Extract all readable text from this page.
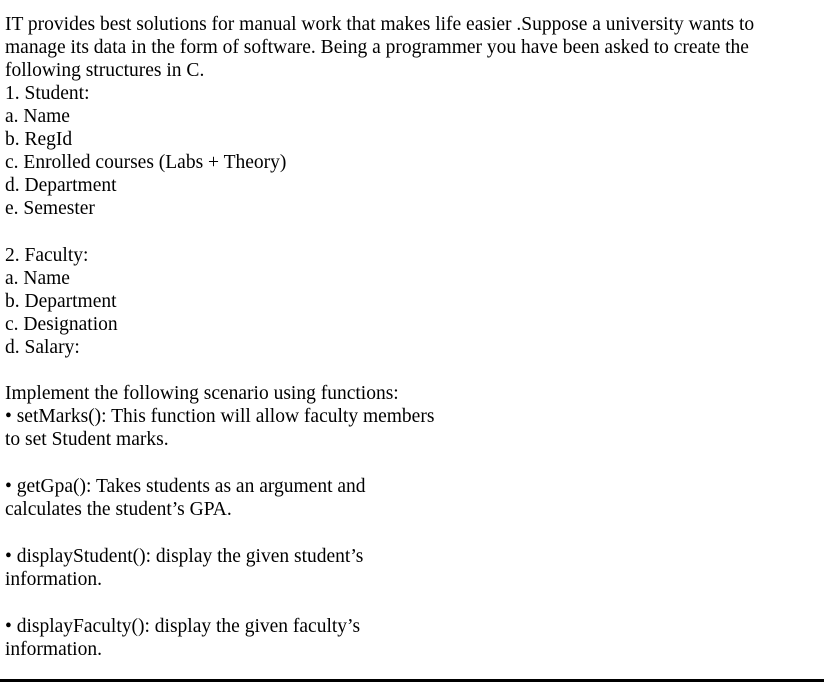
IT provides best solutions for manual work that makes life easier .Suppose a university wants to
manage its data in the form of software. Being a programmer you have been asked to create the
following structures in C.
1. Student:
a. Name
b. RegId
c. Enrolled courses (Labs + Theory)
d. Department
e. Semester
2. Faculty:
a. Name
b. Department
c. Designation
d. Salary:
Implement the following scenario using functions:
• setMarks(): This function will allow faculty members
to set Student marks.
• getGpa(): Takes students as an argument and
calculates the student’s GPA.
• displayStudent(): display the given student’s
information.
• displayFaculty(): display the given faculty’s
information.
